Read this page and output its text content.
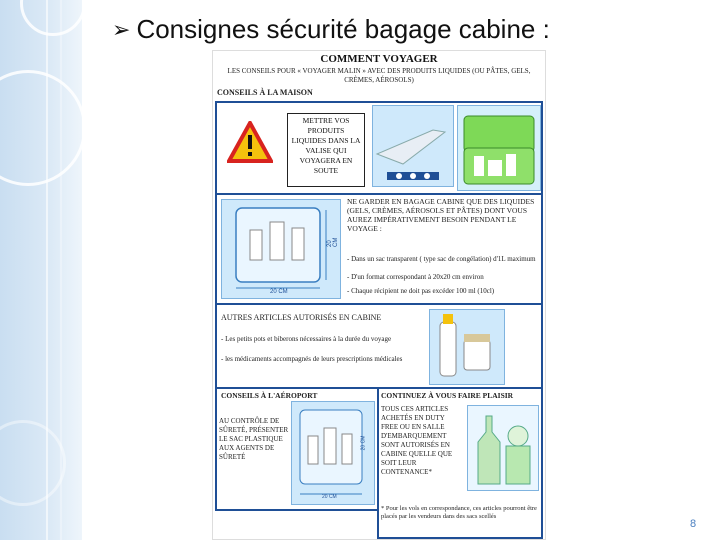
➢ Consignes sécurité bagage cabine :
COMMENT VOYAGER
LES CONSEILS POUR « VOYAGER MALIN » AVEC DES PRODUITS LIQUIDES (OU PÂTES, GELS, CRÈMES, AÉROSOLS)
CONSEILS À LA MAISON
METTRE VOS PRODUITS LIQUIDES DANS LA VALISE QUI VOYAGERA EN SOUTE
20 CM
20 CM
NE GARDER EN BAGAGE CABINE QUE DES LIQUIDES (GELS, CRÈMES, AÉROSOLS ET PÂTES) DONT VOUS AUREZ IMPÉRATIVEMENT BESOIN PENDANT LE VOYAGE :
- Dans un sac transparent ( type sac de congélation) d'1L maximum
- D'un format correspondant à 20x20 cm environ
- Chaque récipient ne doit pas excéder 100 ml (10cl)
AUTRES ARTICLES AUTORISÉS EN CABINE
- Les petits pots et biberons nécessaires à la durée du voyage
- les médicaments accompagnés de leurs prescriptions médicales
CONSEILS À L'AÉROPORT
AU CONTRÔLE DE SÛRETÉ, PRÉSENTER LE SAC PLASTIQUE AUX AGENTS DE SÛRETÉ
20 CM
20 CM
CONTINUEZ À VOUS FAIRE PLAISIR
TOUS CES ARTICLES ACHETÉS EN DUTY FREE OU EN SALLE D'EMBARQUEMENT SONT AUTORISÉS EN CABINE QUELLE QUE SOIT LEUR CONTENANCE*
* Pour les vols en correspondance, ces articles pourront être placés par les vendeurs dans des sacs scellés
8
